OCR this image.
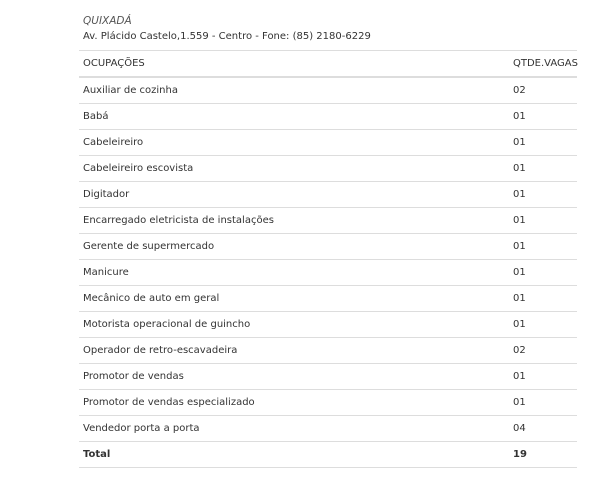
QUIXADÁ
Av. Plácido Castelo,1.559 - Centro - Fone: (85) 2180-6229
OCUPAÇÕES	QTDE.VAGAS
Auxiliar de cozinha	02
Babá	01
Cabeleireiro	01
Cabeleireiro escovista	01
Digitador	01
Encarregado eletricista de instalações	01
Gerente de supermercado	01
Manicure	01
Mecânico de auto em geral	01
Motorista operacional de guincho	01
Operador de retro-escavadeira	02
Promotor de vendas	01
Promotor de vendas especializado	01
Vendedor porta a porta	04
Total	19
